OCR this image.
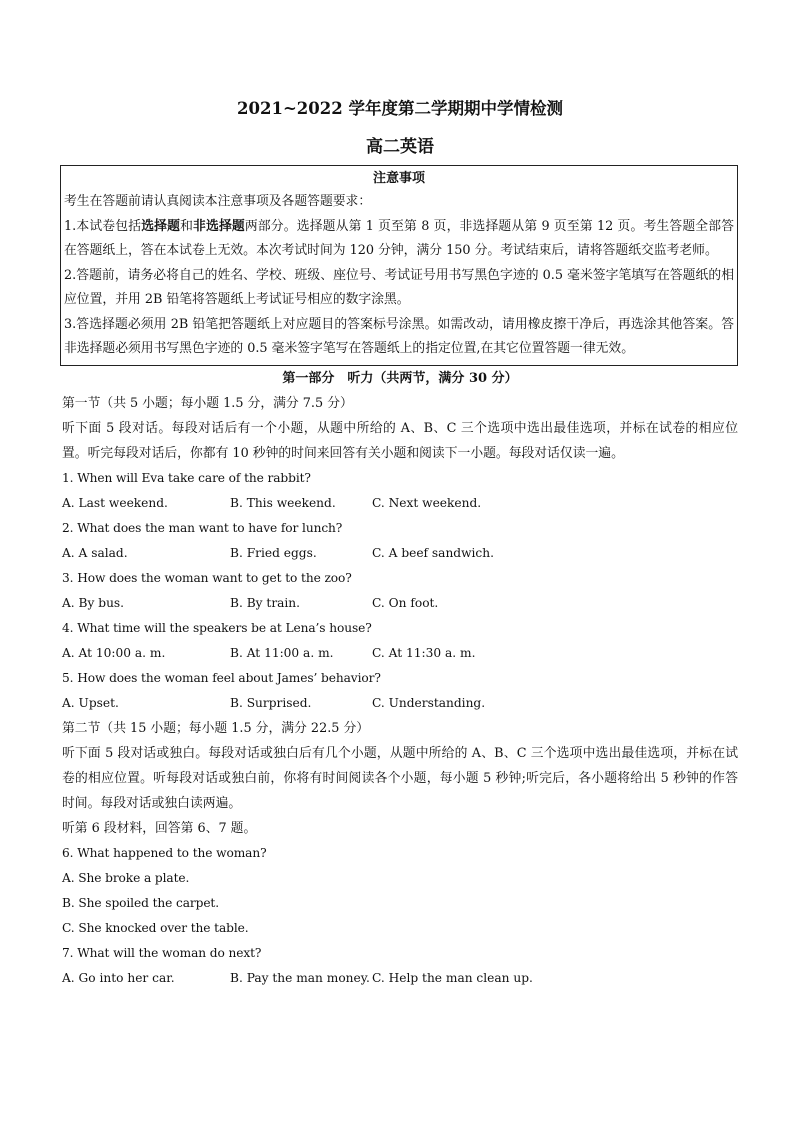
2021~2022 学年度第二学期期中学情检测
高二英语
注意事项

考生在答题前请认真阅读本注意事项及各题答题要求：

1.本试卷包括选择题和非选择题两部分。选择题从第 1 页至第 8 页，非选择题从第 9 页至第 12 页。考生答题全部答在答题纸上，答在本试卷上无效。本次考试时间为 120 分钟，满分 150 分。考试结束后，请将答题纸交监考老师。

2.答题前，请务必将自己的姓名、学校、班级、座位号、考试证号用书写黑色字迹的 0.5 毫米签字笔填写在答题纸的相应位置，并用 2B 铅笔将答题纸上考试证号相应的数字涂黑。

3.答选择题必须用 2B 铅笔把答题纸上对应题目的答案标号涂黑。如需改动，请用橡皮擦干净后，再选涂其他答案。答非选择题必须用书写黑色字迹的 0.5 毫米签字笔写在答题纸上的指定位置,在其它位置答题一律无效。

第一部分　听力（共两节，满分 30 分）

第一节（共 5 小题；每小题 1.5 分，满分 7.5 分）

听下面 5 段对话。每段对话后有一个小题，从题中所给的 A、B、C 三个选项中选出最佳选项，并标在试卷的相应位置。听完每段对话后，你都有 10 秒钟的时间来回答有关小题和阅读下一小题。每段对话仅读一遍。

1. When will Eva take care of the rabbit?

A. Last weekend.	B. This weekend.	C. Next weekend.

2. What does the man want to have for lunch?

A. A salad.	B. Fried eggs.	C. A beef sandwich.

3. How does the woman want to get to the zoo?

A. By bus.	B. By train.	C. On foot.

4. What time will the speakers be at Lena’s house?

A. At 10:00 a. m.	B. At 11:00 a. m.	C. At 11:30 a. m.

5. How does the woman feel about James’ behavior?

A. Upset.	B. Surprised.	C. Understanding.

第二节（共 15 小题；每小题 1.5 分，满分 22.5 分）

听下面 5 段对话或独白。每段对话或独白后有几个小题，从题中所给的 A、B、C 三个选项中选出最佳选项，并标在试卷的相应位置。听每段对话或独白前，你将有时间阅读各个小题，每小题 5 秒钟;听完后，各小题将给出 5 秒钟的作答时间。每段对话或独白读两遍。

听第 6 段材料，回答第 6、7 题。

6. What happened to the woman?

A. She broke a plate.

B. She spoiled the carpet.

C. She knocked over the table.

7. What will the woman do next?

A. Go into her car.	B. Pay the man money. C. Help the man clean up.
